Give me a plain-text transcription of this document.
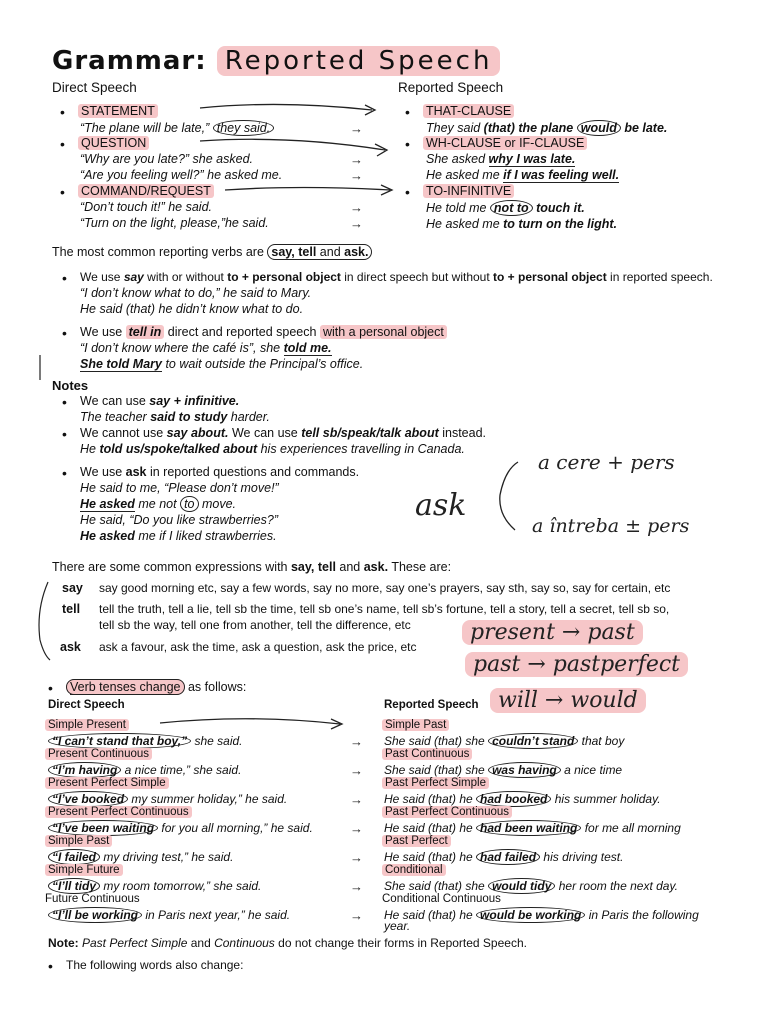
Grammar: Reported Speech
Direct Speech	Reported Speech
• STATEMENT
“The plane will be late,” they said.
• QUESTION
“Why are you late?” she asked.
“Are you feeling well?” he asked me.
• COMMAND/REQUEST
“Don’t touch it!” he said.
“Turn on the light, please,”he said.
→
→
→
→
→
• THAT-CLAUSE
They said (that) the plane would be late.
• WH-CLAUSE or IF-CLAUSE
She asked why I was late.
He asked me if I was feeling well.
• TO-INFINITIVE
He told me not to touch it.
He asked me to turn on the light.
The most common reporting verbs are say, tell and ask.
• We use say with or without to + personal object in direct speech but without to + personal object in reported speech.
“I don’t know what to do,” he said to Mary.
He said (that) he didn’t know what to do.
• We use tell in direct and reported speech with a personal object
“I don’t know where the café is”, she told me.
She told Mary to wait outside the Principal’s office.
Notes
• We can use say + infinitive.
The teacher said to study harder.
• We cannot use say about. We can use tell sb/speak/talk about instead.
He told us/spoke/talked about his experiences travelling in Canada.
• We use ask in reported questions and commands.
He said to me, “Please don’t move!”
He asked me not to move.
He said, “Do you like strawberries?”
He asked me if I liked strawberries.
ask
a cere + pers
a întreba ± pers
There are some common expressions with say, tell and ask. These are:
say say good morning etc, say a few words, say no more, say one’s prayers, say sth, say so, say for certain, etc
tell tell the truth, tell a lie, tell sb the time, tell sb one’s name, tell sb’s fortune, tell a story, tell a secret, tell sb so,
tell sb the way, tell one from another, tell the difference, etc
ask ask a favour, ask the time, ask a question, ask the price, etc
present → past
past → pastperfect
will → would
• Verb tenses change as follows:
Direct Speech	Reported Speech
Simple Present
“I can’t stand that boy,” she said.
Simple Past
She said (that) she couldn’t stand that boy
→
Present Continuous
“I’m having a nice time,” she said.
Past Continuous
She said (that) she was having a nice time
→
Present Perfect Simple
“I’ve booked my summer holiday,” he said.
Past Perfect Simple
He said (that) he had booked his summer holiday.
→
Present Perfect Continuous
“I’ve been waiting for you all morning,” he said.
Past Perfect Continuous
He said (that) he had been waiting for me all morning
→
Simple Past
“I failed my driving test,” he said.
Past Perfect
He said (that) he had failed his driving test.
→
Simple Future
“I’ll tidy my room tomorrow,” she said.
Conditional
She said (that) she would tidy her room the next day.
→
Future Continuous
“I’ll be working in Paris next year,” he said.
Conditional Continuous
He said (that) he would be working in Paris the following
→
year.
Note: Past Perfect Simple and Continuous do not change their forms in Reported Speech.
• The following words also change:
